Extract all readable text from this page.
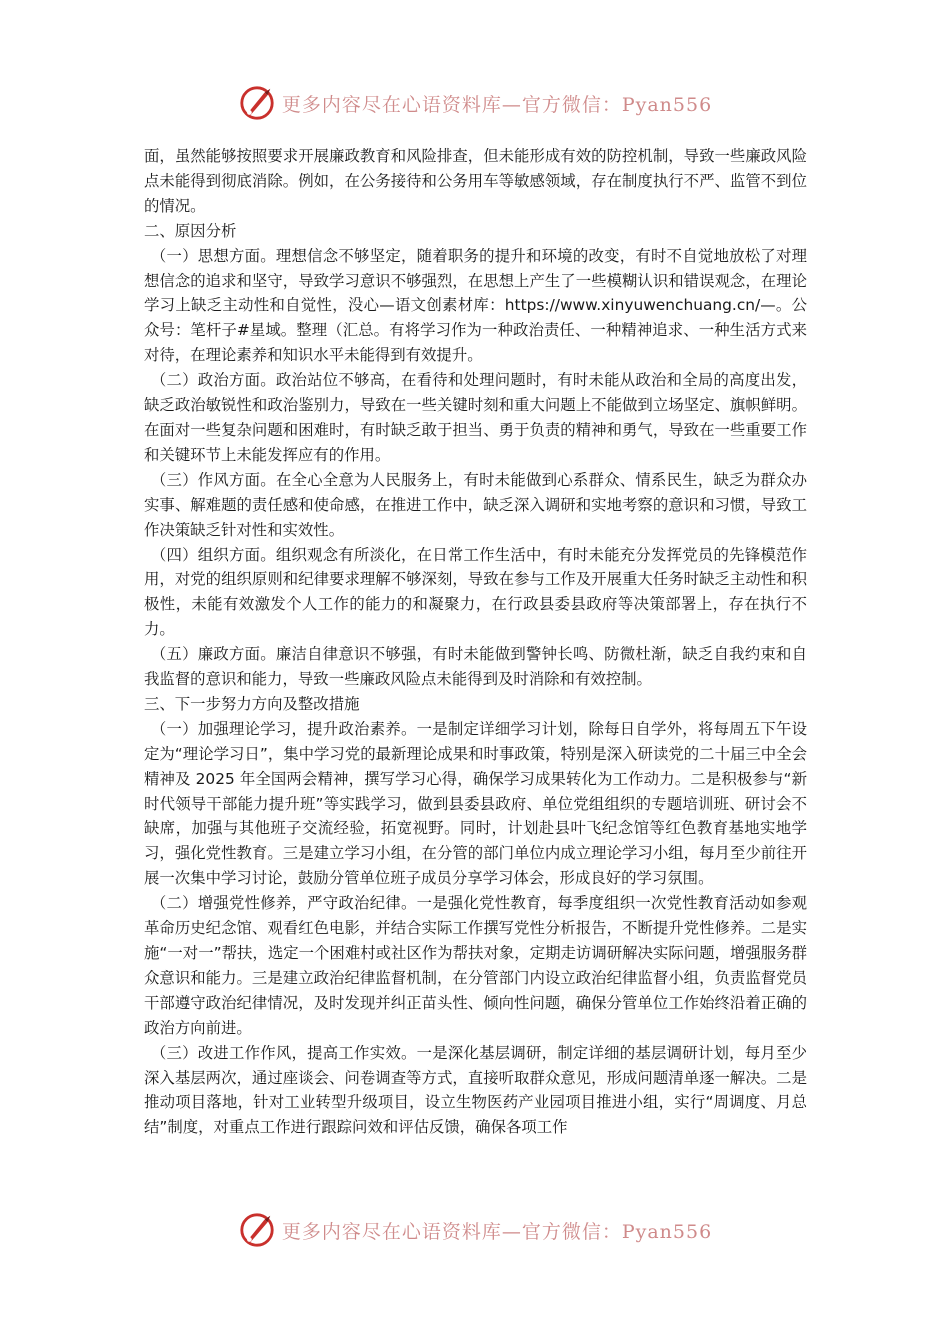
更多内容尽在心语资料库—官方微信：Pyan556

面，虽然能够按照要求开展廉政教育和风险排查，但未能形成有效的防控机制，导致一些廉政风险点未能得到彻底消除。例如，在公务接待和公务用车等敏感领域，存在制度执行不严、监管不到位的情况。

二、原因分析

（一）思想方面。理想信念不够坚定，随着职务的提升和环境的改变，有时不自觉地放松了对理想信念的追求和坚守，导致学习意识不够强烈，在思想上产生了一些模糊认识和错误观念，在理论学习上缺乏主动性和自觉性，没心—语文创素材库：https://www.xinyuwenchuang.cn/—。公众号：笔杆子#星域。整理（汇总。有将学习作为一种政治责任、一种精神追求、一种生活方式来对待，在理论素养和知识水平未能得到有效提升。

（二）政治方面。政治站位不够高，在看待和处理问题时，有时未能从政治和全局的高度出发，缺乏政治敏锐性和政治鉴别力，导致在一些关键时刻和重大问题上不能做到立场坚定、旗帜鲜明。在面对一些复杂问题和困难时，有时缺乏敢于担当、勇于负责的精神和勇气，导致在一些重要工作和关键环节上未能发挥应有的作用。

（三）作风方面。在全心全意为人民服务上，有时未能做到心系群众、情系民生，缺乏为群众办实事、解难题的责任感和使命感，在推进工作中，缺乏深入调研和实地考察的意识和习惯，导致工作决策缺乏针对性和实效性。

（四）组织方面。组织观念有所淡化，在日常工作生活中，有时未能充分发挥党员的先锋模范作用，对党的组织原则和纪律要求理解不够深刻，导致在参与工作及开展重大任务时缺乏主动性和积极性，未能有效激发个人工作的能力的和凝聚力，在行政县委县政府等决策部署上，存在执行不力。

（五）廉政方面。廉洁自律意识不够强，有时未能做到警钟长鸣、防微杜渐，缺乏自我约束和自我监督的意识和能力，导致一些廉政风险点未能得到及时消除和有效控制。

三、下一步努力方向及整改措施

（一）加强理论学习，提升政治素养。一是制定详细学习计划，除每日自学外，将每周五下午设定为“理论学习日”，集中学习党的最新理论成果和时事政策，特别是深入研读党的二十届三中全会精神及 2025 年全国两会精神，撰写学习心得，确保学习成果转化为工作动力。二是积极参与“新时代领导干部能力提升班”等实践学习，做到县委县政府、单位党组组织的专题培训班、研讨会不缺席，加强与其他班子交流经验，拓宽视野。同时，计划赴县叶飞纪念馆等红色教育基地实地学习，强化党性教育。三是建立学习小组，在分管的部门单位内成立理论学习小组，每月至少前往开展一次集中学习讨论，鼓励分管单位班子成员分享学习体会，形成良好的学习氛围。

（二）增强党性修养，严守政治纪律。一是强化党性教育，每季度组织一次党性教育活动如参观革命历史纪念馆、观看红色电影，并结合实际工作撰写党性分析报告，不断提升党性修养。二是实施“一对一”帮扶，选定一个困难村或社区作为帮扶对象，定期走访调研解决实际问题，增强服务群众意识和能力。三是建立政治纪律监督机制，在分管部门内设立政治纪律监督小组，负责监督党员干部遵守政治纪律情况，及时发现并纠正苗头性、倾向性问题，确保分管单位工作始终沿着正确的政治方向前进。

（三）改进工作作风，提高工作实效。一是深化基层调研，制定详细的基层调研计划，每月至少深入基层两次，通过座谈会、问卷调查等方式，直接听取群众意见，形成问题清单逐一解决。二是推动项目落地，针对工业转型升级项目，设立生物医药产业园项目推进小组，实行“周调度、月总结”制度，对重点工作进行跟踪问效和评估反馈，确保各项工作

更多内容尽在心语资料库—官方微信：Pyan556
